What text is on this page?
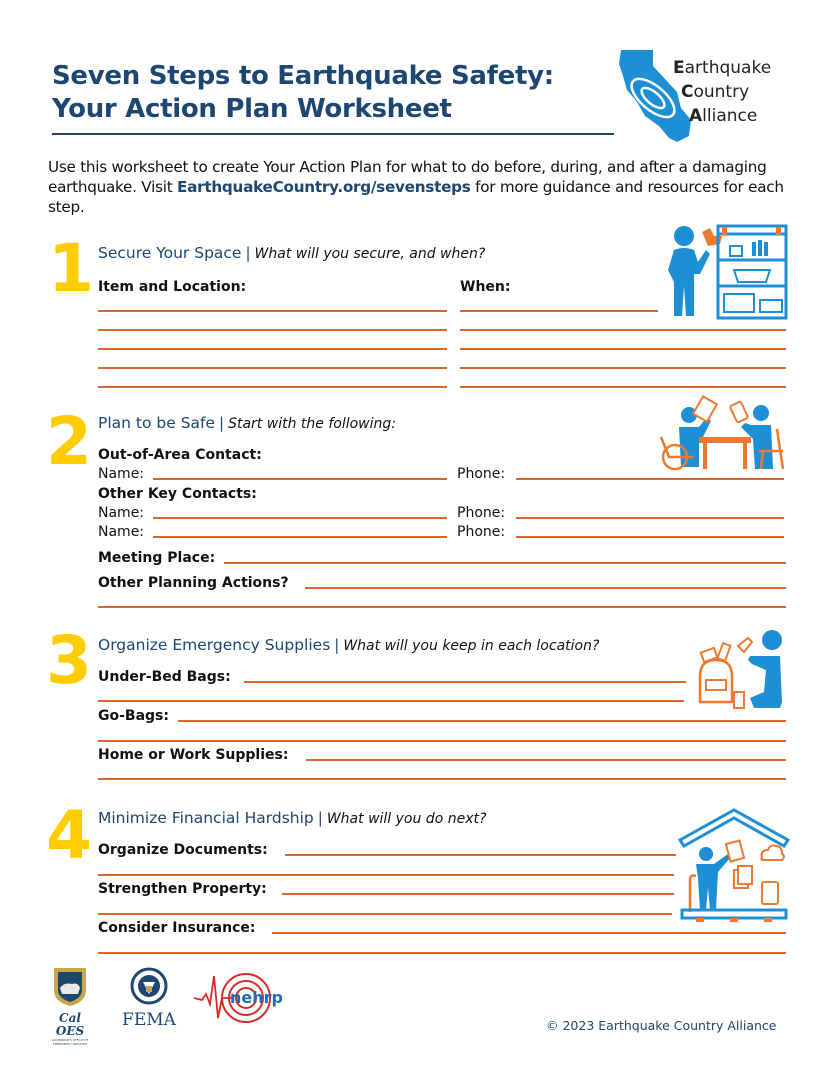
Seven Steps to Earthquake Safety:
Your Action Plan Worksheet
Earthquake
Country
Alliance
Use this worksheet to create Your Action Plan for what to do before, during, and after a damaging earthquake. Visit EarthquakeCountry.org/sevensteps for more guidance and resources for each step.
1 Secure Your Space | What will you secure, and when?
Item and Location:	When:
2 Plan to be Safe | Start with the following:
Out-of-Area Contact:
Name:	Phone:
Other Key Contacts:
Name:	Phone:
Name:	Phone:
Meeting Place:
Other Planning Actions?
3 Organize Emergency Supplies | What will you keep in each location?
Under-Bed Bags:
Go-Bags:
Home or Work Supplies:
4 Minimize Financial Hardship | What will you do next?
Organize Documents:
Strengthen Property:
Consider Insurance:
Cal OES
GOVERNOR'S OFFICE OF EMERGENCY SERVICES
FEMA
nehrp
© 2023 Earthquake Country Alliance
